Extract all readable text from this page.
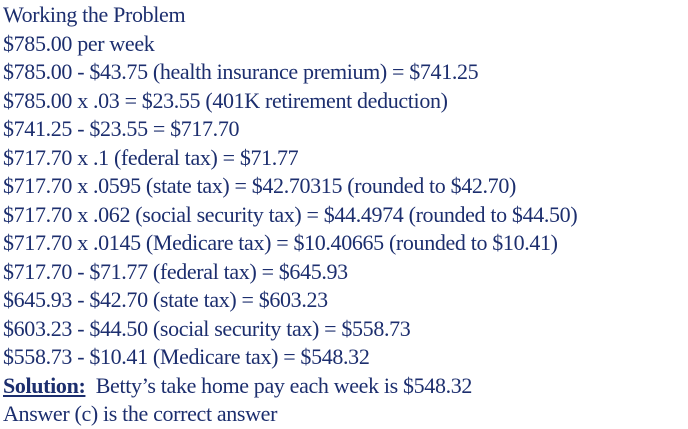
Working the Problem
$785.00 per week
$785.00 - $43.75 (health insurance premium) = $741.25
$785.00 x .03 = $23.55 (401K retirement deduction)
$741.25 - $23.55 = $717.70
$717.70 x .1 (federal tax) = $71.77
$717.70 x .0595 (state tax) = $42.70315 (rounded to $42.70)
$717.70 x .062 (social security tax) = $44.4974 (rounded to $44.50)
$717.70 x .0145 (Medicare tax) = $10.40665 (rounded to $10.41)
$717.70 - $71.77 (federal tax) = $645.93
$645.93 - $42.70 (state tax) = $603.23
$603.23 - $44.50 (social security tax) = $558.73
$558.73 - $10.41 (Medicare tax) = $548.32
Solution:  Betty’s take home pay each week is $548.32
Answer (c) is the correct answer
